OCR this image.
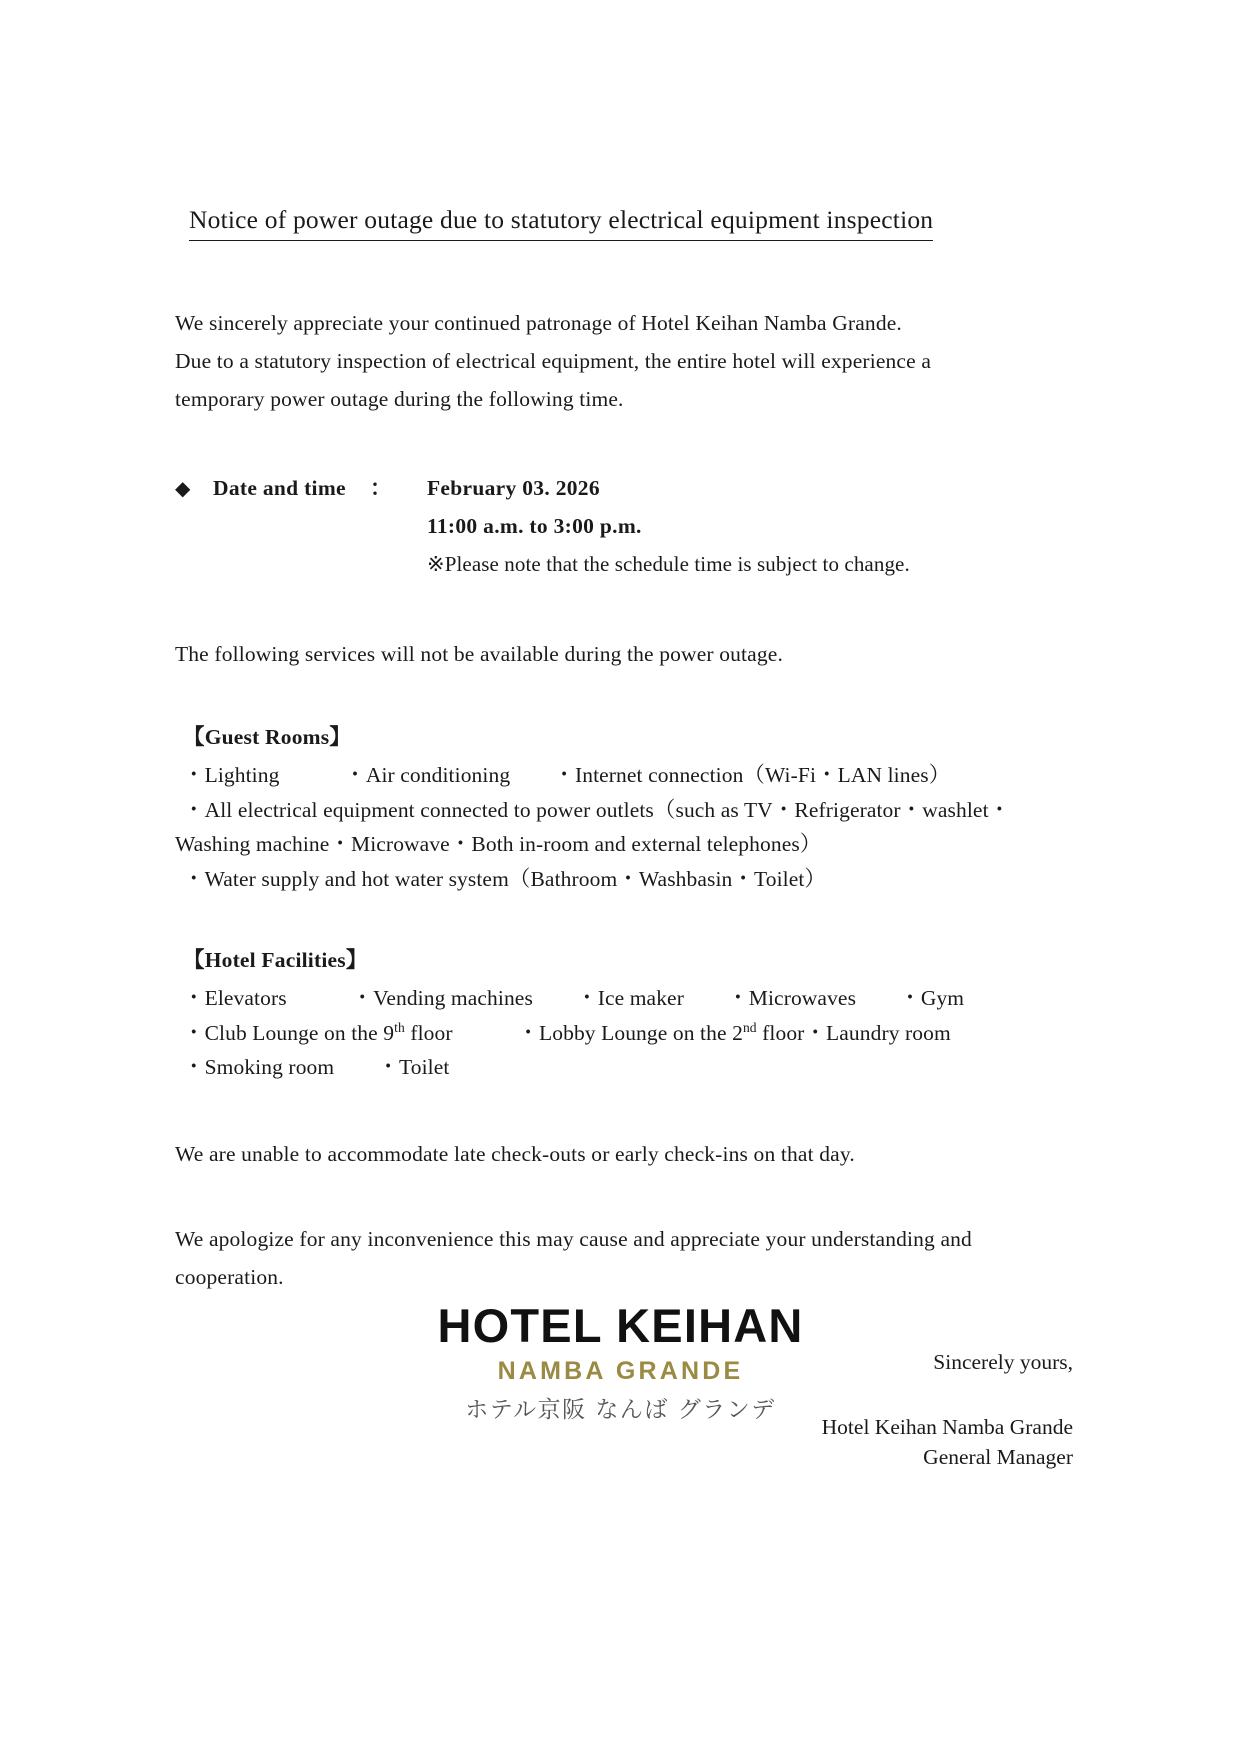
Notice of power outage due to statutory electrical equipment inspection

We sincerely appreciate your continued patronage of Hotel Keihan Namba Grande.

Due to a statutory inspection of electrical equipment, the entire hotel will experience a

temporary power outage during the following time.

◆	Date and time	：	February 03. 2026
11:00 a.m. to 3:00 p.m.
※Please note that the schedule time is subject to change.

The following services will not be available during the power outage.

【Guest Rooms】

・Lighting　　　・Air conditioning　　・Internet connection（Wi-Fi・LAN lines）

・All electrical equipment connected to power outlets（such as TV・Refrigerator・washlet・

Washing machine・Microwave・Both in-room and external telephones）

・Water supply and hot water system（Bathroom・Washbasin・Toilet）

【Hotel Facilities】

・Elevators　　　・Vending machines　　・Ice maker　　・Microwaves　　・Gym

・Club Lounge on the 9th floor　　　・Lobby Lounge on the 2nd floor・Laundry room

・Smoking room　　・Toilet

We are unable to accommodate late check-outs or early check-ins on that day.

We apologize for any inconvenience this may cause and appreciate your understanding and

cooperation.

Sincerely yours,
Hotel Keihan Namba Grande
General Manager
HOTEL KEIHAN
NAMBA GRANDE
ホテル京阪 なんば グランデ
